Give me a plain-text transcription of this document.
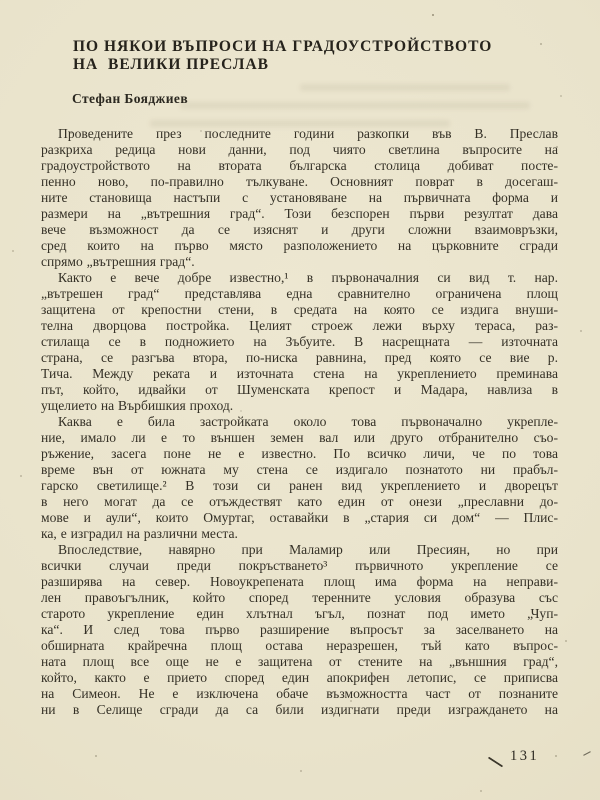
ПО НЯКОИ ВЪПРОСИ НА ГРАДОУСТРОЙСТВОТО
НА  ВЕЛИКИ ПРЕСЛАВ
Стефан Бояджиев
Проведените през последните години разкопки във В. Преслав
разкриха редица нови данни, под чиято светлина въпросите на
градоустройството на втората българска столица добиват посте-
пенно ново, по-правилно тълкуване. Основният поврат в досегаш-
ните становища настъпи с установяване на първичната форма и
размери на „вътрешния град“. Този безспорен първи резултат дава
вече възможност да се изяснят и други сложни взаимовръзки,
сред които на първо място разположението на църковните сгради
спрямо „вътрешния град“.
Както е вече добре известно,¹ в първоначалния си вид т. нар.
„вътрешен град“ представлява една сравнително ограничена площ
защитена от крепостни стени, в средата на която се издига внуши-
телна дворцова постройка. Целият строеж лежи върху тераса, раз-
стилаща се в подножието на Зъбуите. В насрещната — източната
страна, се разгъва втора, по-ниска равнина, пред която се вие р.
Тича. Между реката и източната стена на укреплението преминава
път, който, идвайки от Шуменската крепост и Мадара, навлиза в
ущелието на Върбишкия проход.
Каква е била застройката около това първоначално укрепле-
ние, имало ли е то външен земен вал или друго отбранително съо-
ръжение, засега поне не е известно. По всичко личи, че по това
време вън от южната му стена се издигало познатото ни прабъл-
гарско светилище.² В този си ранен вид укреплението и дворецът
в него могат да се отъждествят като един от онези „преславни до-
мове и аули“, които Омуртаг, оставайки в „стария си дом“ — Плис-
ка, е изградил на различни места.
Впоследствие, навярно при Маламир или Пресиян, но при
всички случаи преди покръстването³ първичното укрепление се
разширява на север. Новоукрепената площ има форма на неправи-
лен правоъгълник, който според теренните условия образува със
старото укрепление един хлътнал ъгъл, познат под името „Чуп-
ка“. И след това първо разширение въпросът за заселването на
обширната крайречна площ остава неразрешен, тъй като въпрос-
ната площ все още не е защитена от стените на „външния град“,
който, както е прието според един апокрифен летопис, се приписва
на Симеон. Не е изключена обаче възможността част от познаните
ни в Селище сгради да са били издигнати преди изграждането на
131
